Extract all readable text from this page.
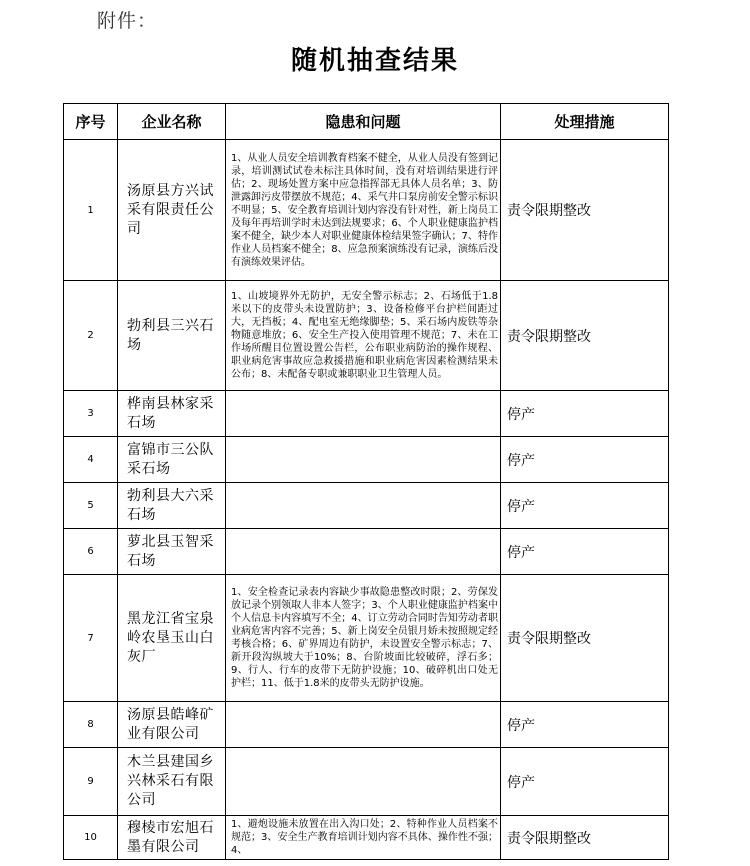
附件：
随机抽查结果
序号	企业名称	隐患和问题	处理措施
1	汤原县方兴试采有限责任公司	1、从业人员安全培训教育档案不健全，从业人员没有签到记录，培训测试试卷未标注具体时间，没有对培训结果进行评估；2、现场处置方案中应急指挥部无具体人员名单；3、防泄露卸污皮带摆放不规范；4、采气井口泵房前安全警示标识不明显；5、安全教育培训计划内容没有针对性，新上岗员工及每年再培训学时未达到法规要求；6、个人职业健康监护档案不健全，缺少本人对职业健康体检结果签字确认；7、特作作业人员档案不健全；8、应急预案演练没有记录，演练后没有演练效果评估。	责令限期整改
2	勃利县三兴石场	1、山坡境界外无防护，无安全警示标志；2、石场低于1.8米以下的皮带头未设置防护；3、设备检修平台护栏间距过大，无挡板；4、配电室无绝缘脚垫；5、采石场内废铁等杂物随意堆放；6、安全生产投入使用管理不规范；7、未在工作场所醒目位置设置公告栏，公布职业病防治的操作规程、职业病危害事故应急救援措施和职业病危害因素检测结果未公布；8、未配备专职或兼职职业卫生管理人员。	责令限期整改
3	桦南县林家采石场		停产
4	富锦市三公队采石场		停产
5	勃利县大六采石场		停产
6	萝北县玉智采石场		停产
7	黑龙江省宝泉岭农垦玉山白灰厂	1、安全检查记录表内容缺少事故隐患整改时限；2、劳保发放记录个别领取人非本人签字；3、个人职业健康监护档案中个人信息卡内容填写不全；4、订立劳动合同时告知劳动者职业病危害内容不完善；5、新上岗安全员银月娇未按照规定经考核合格；6、矿界周边有防护，未设置安全警示标志；7、新开段沟纵坡大于10%；8、台阶坡面比较破碎，浮石多；9、行人、行车的皮带下无防护设施；10、破碎机出口处无护栏；11、低于1.8米的皮带头无防护设施。	责令限期整改
8	汤原县皓峰矿业有限公司		停产
9	木兰县建国乡兴林采石有限公司		停产
10	穆棱市宏旭石墨有限公司	1、避炮设施未放置在出入沟口处；2、特种作业人员档案不规范；3、安全生产教育培训计划内容不具体、操作性不强；4、	责令限期整改
